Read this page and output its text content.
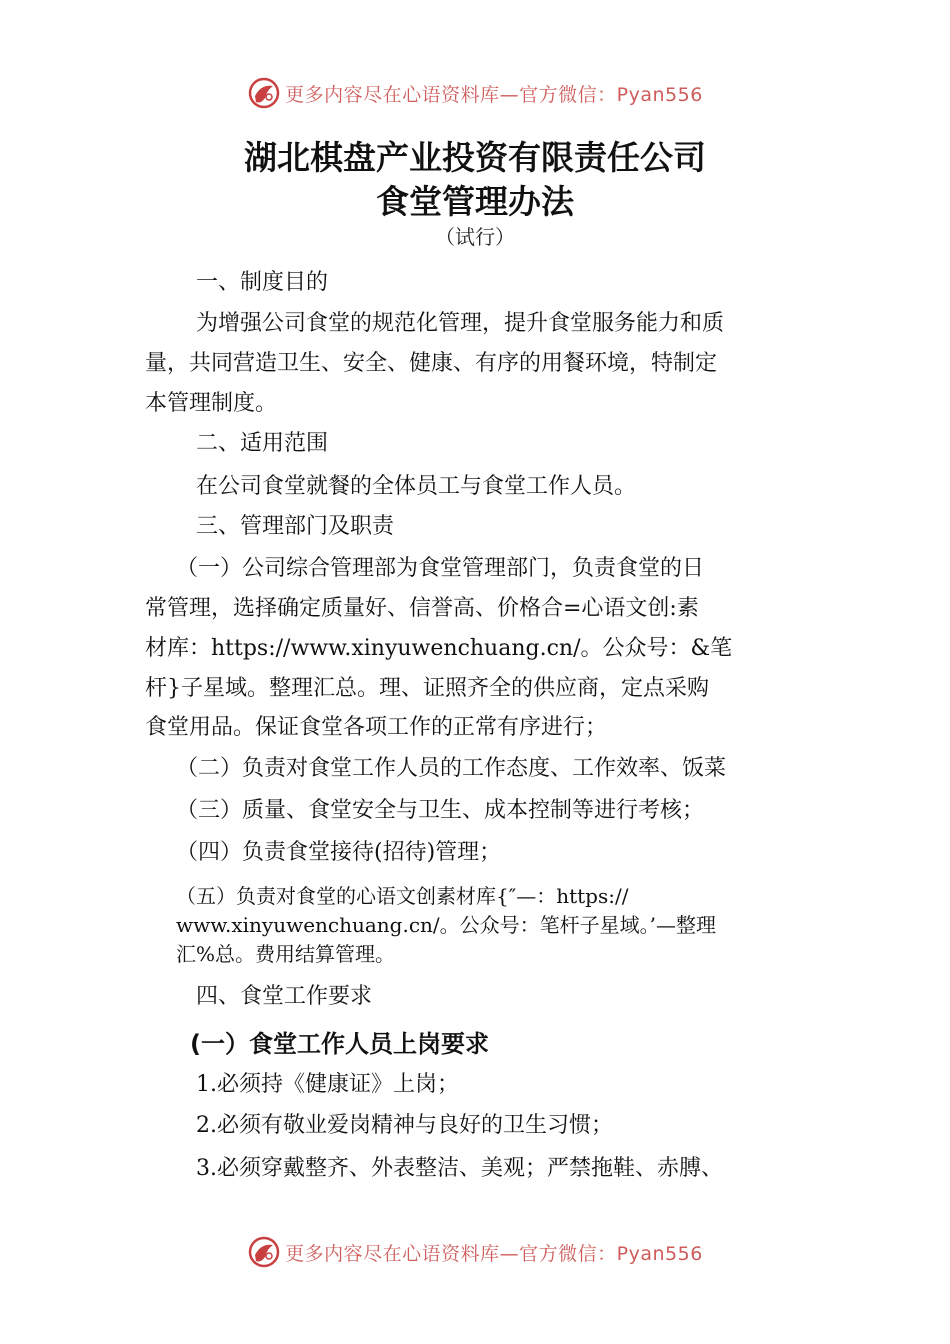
更多内容尽在心语资料库—官方微信：Pyan556
湖北棋盘产业投资有限责任公司
食堂管理办法
（试行）
一、制度目的
为增强公司食堂的规范化管理，提升食堂服务能力和质
量，共同营造卫生、安全、健康、有序的用餐环境，特制定
本管理制度。
二、适用范围
在公司食堂就餐的全体员工与食堂工作人员。
三、管理部门及职责
（一）公司综合管理部为食堂管理部门，负责食堂的日
常管理，选择确定质量好、信誉高、价格合=心语文创:素
材库：https://www.xinyuwenchuang.cn/。公众号：&笔
杆}子星域。整理汇总。理、证照齐全的供应商，定点采购
食堂用品。保证食堂各项工作的正常有序进行；
（二）负责对食堂工作人员的工作态度、工作效率、饭菜
（三）质量、食堂安全与卫生、成本控制等进行考核；
（四）负责食堂接待(招待)管理；
（五）负责对食堂的心语文创素材库{″—：https://
www.xinyuwenchuang.cn/。公众号：笔杆子星域。’—整理
汇%总。费用结算管理。
四、食堂工作要求
(一）食堂工作人员上岗要求
1.必须持《健康证》上岗；
2.必须有敬业爱岗精神与良好的卫生习惯；
3.必须穿戴整齐、外表整洁、美观；严禁拖鞋、赤膊、
更多内容尽在心语资料库—官方微信：Pyan556
